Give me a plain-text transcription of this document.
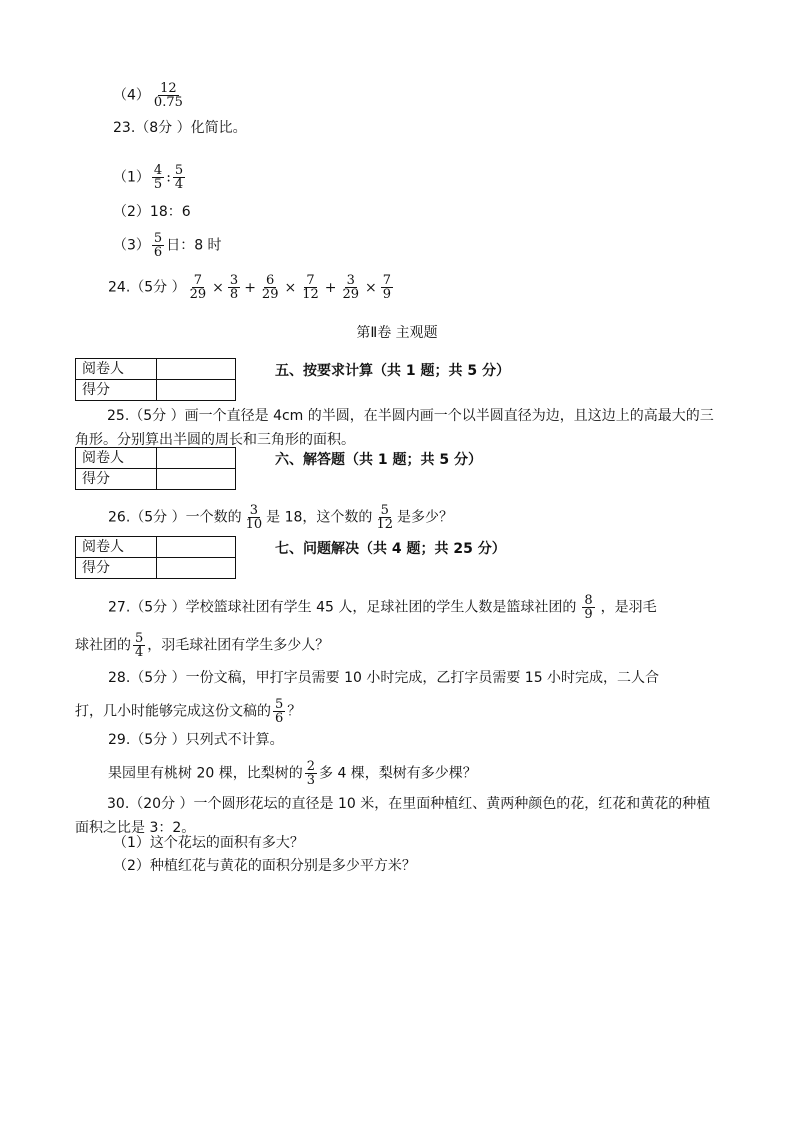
$(4) \frac{12}{0.75}$
23.（8分 ）化简比。
$(1) \frac{4}{5}$ : $\frac{5}{4}$
（2）18：6
$(3) \frac{5}{6}$ 日：8 时
24.（5分 ） $\frac{7}{29} \times \frac{3}{8} + \frac{6}{29} \times \frac{7}{12} + \frac{3}{29} \times \frac{7}{9}$
第Ⅱ卷 主观题
阅卷人	
得分	
五、按要求计算（共 1 题；共 5 分）
25.（5分 ）画一个直径是 4cm 的半圆，在半圆内画一个以半圆直径为边，且这边上的高最大的三角形。分别算出半圆的周长和三角形的面积。
阅卷人	
得分	
六、解答题（共 1 题；共 5 分）
26.（5分 ）一个数的 $\frac{3}{10}$ 是 18，这个数的 $\frac{5}{12}$ 是多少？
阅卷人	
得分	
七、问题解决（共 4 题；共 25 分）
27.（5分 ）学校篮球社团有学生 45 人，足球社团的学生人数是篮球社团的 $\frac{8}{9}$ ，是羽毛
球社团的 $\frac{5}{4}$ ，羽毛球社团有学生多少人？
28.（5分 ）一份文稿，甲打字员需要 10 小时完成，乙打字员需要 15 小时完成，二人合
打，几小时能够完成这份文稿的 $\frac{5}{6}$ ？
29.（5分 ）只列式不计算。
果园里有桃树 20 棵，比梨树的 $\frac{2}{3}$ 多 4 棵，梨树有多少棵？
30.（20分 ）一个圆形花坛的直径是 10 米，在里面种植红、黄两种颜色的花，红花和黄花的种植面积之比是 3：2。
（1）这个花坛的面积有多大？
（2）种植红花与黄花的面积分别是多少平方米？
